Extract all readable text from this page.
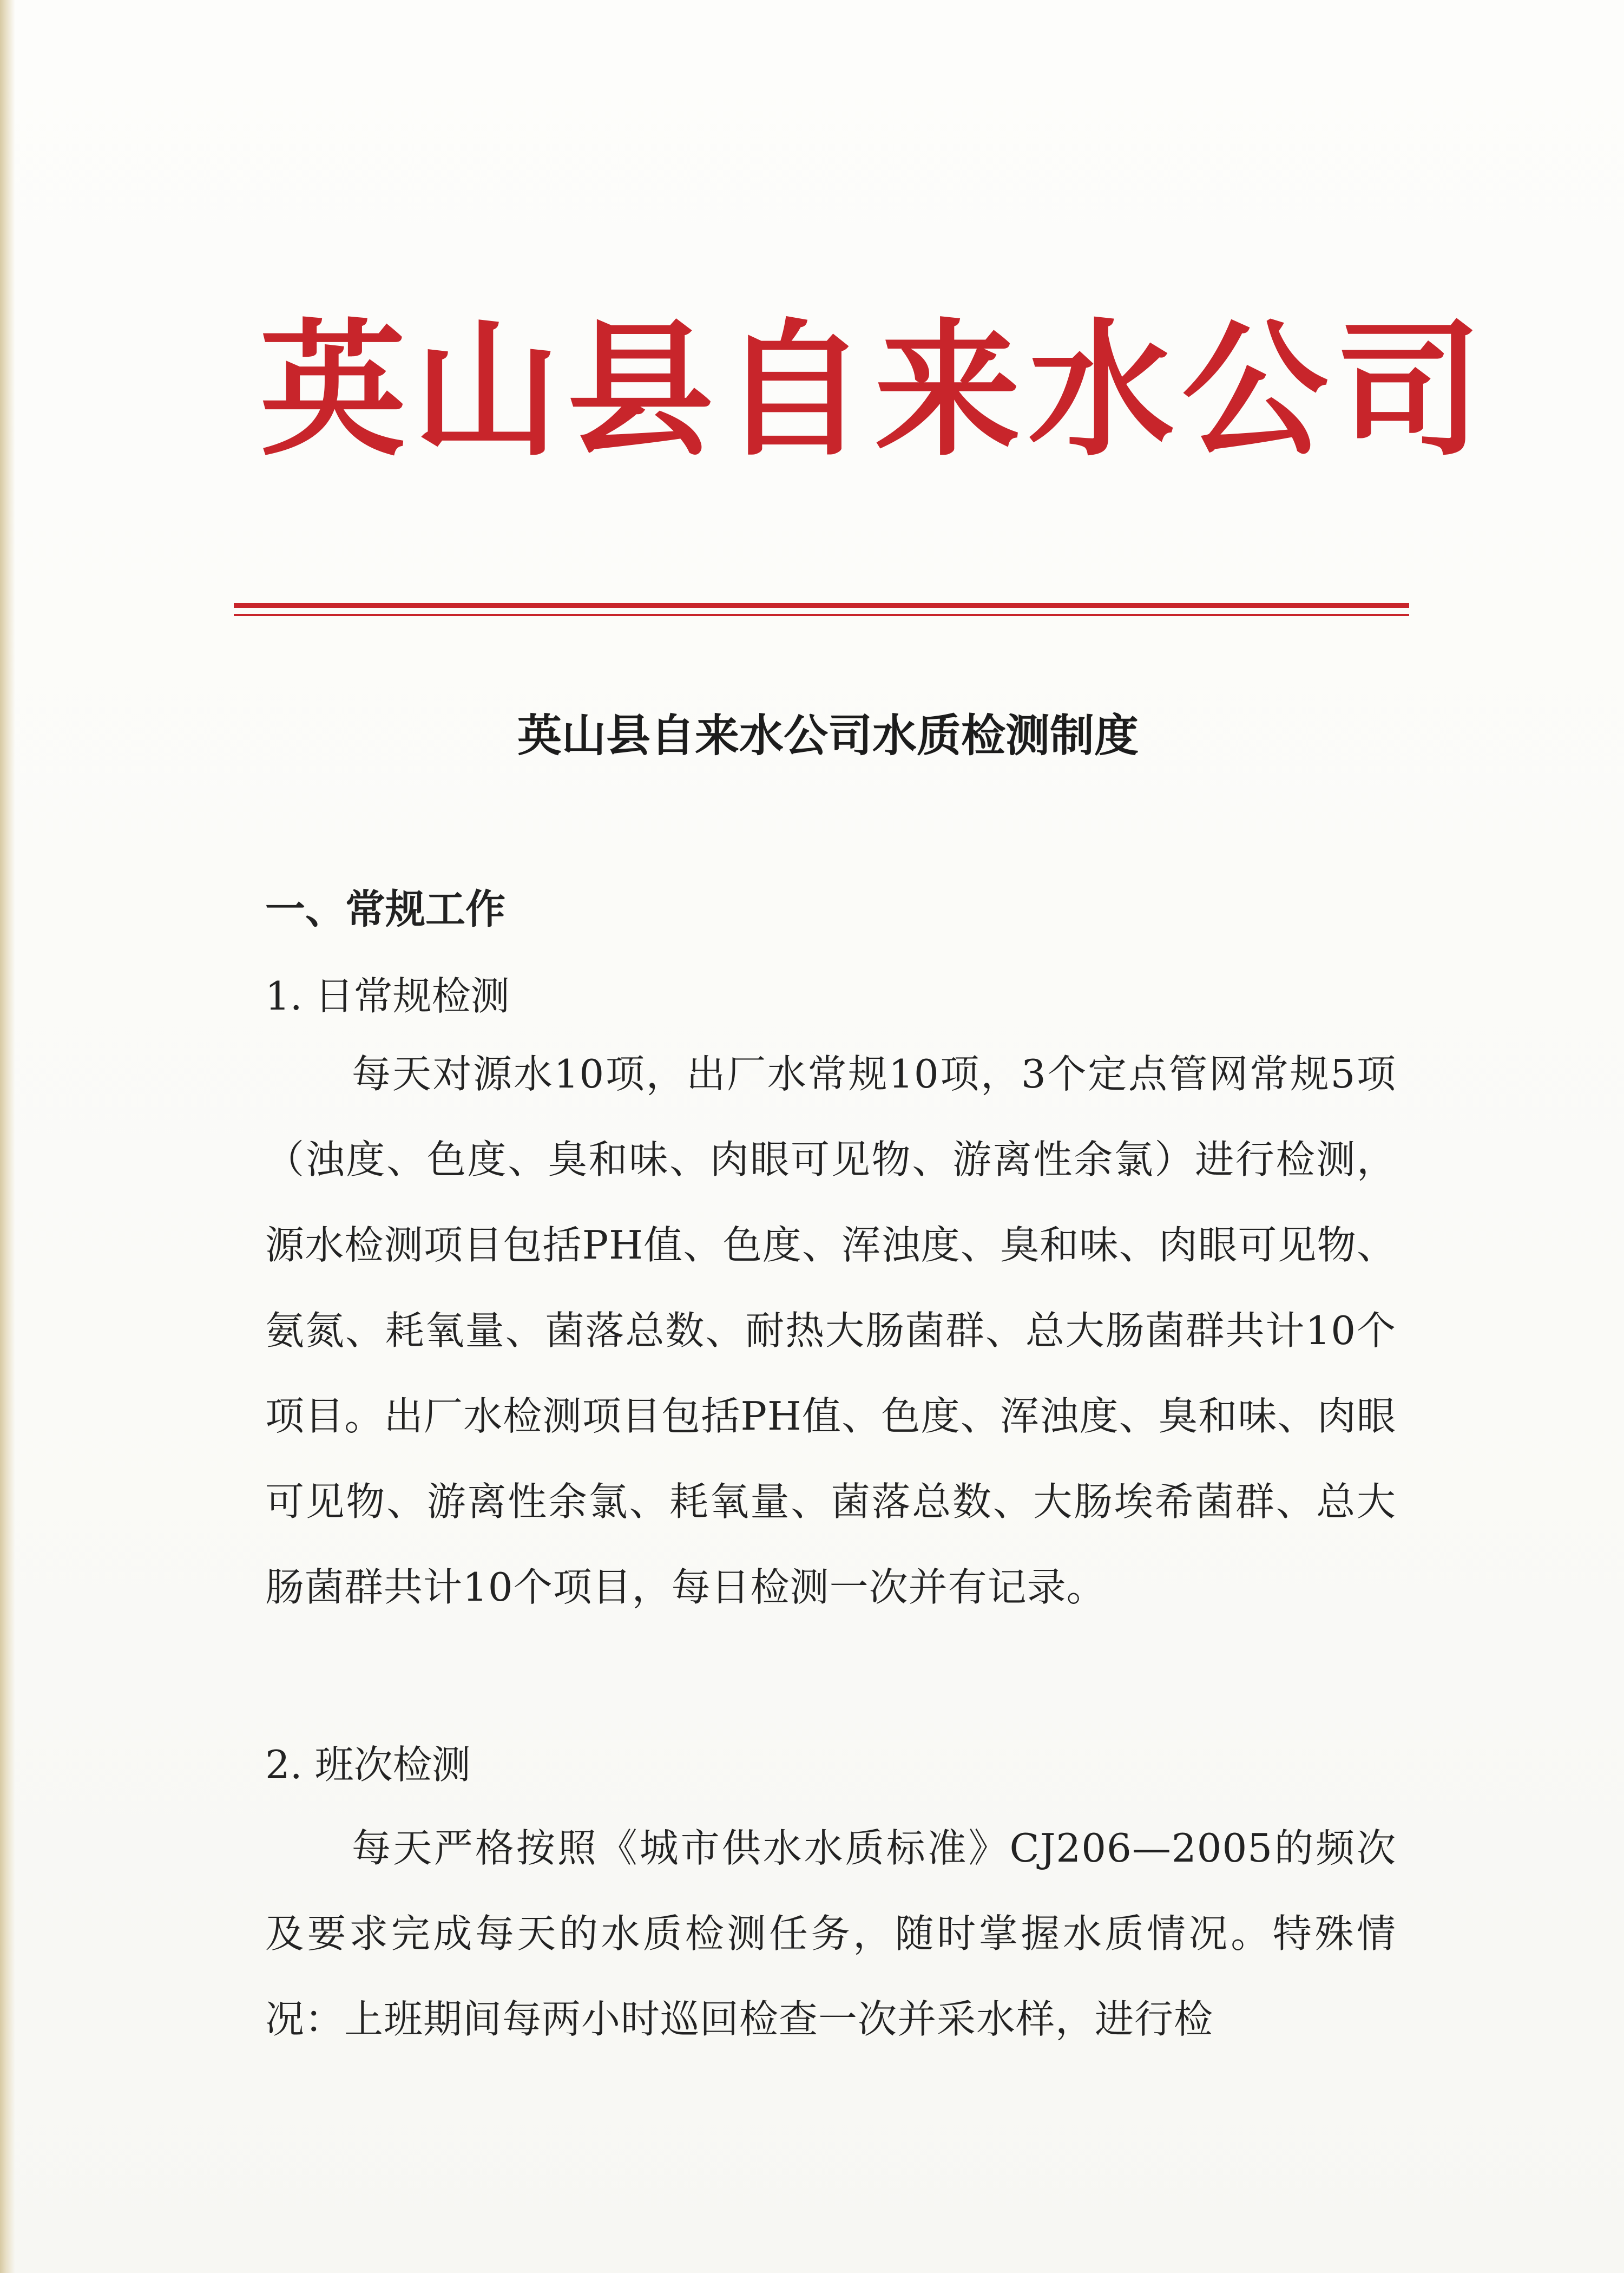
英山县自来水公司
英山县自来水公司水质检测制度
一、常规工作
1. 日常规检测
每天对源水10项，出厂水常规10项，3个定点管网常规5项（浊度、色度、臭和味、肉眼可见物、游离性余氯）进行检测，源水检测项目包括PH值、色度、浑浊度、臭和味、肉眼可见物、氨氮、耗氧量、菌落总数、耐热大肠菌群、总大肠菌群共计10个项目。出厂水检测项目包括PH值、色度、浑浊度、臭和味、肉眼可见物、游离性余氯、耗氧量、菌落总数、大肠埃希菌群、总大肠菌群共计10个项目，每日检测一次并有记录。
2. 班次检测
每天严格按照《城市供水水质标准》CJ206—2005的频次及要求完成每天的水质检测任务，随时掌握水质情况。特殊情况：上班期间每两小时巡回检查一次并采水样，进行检
